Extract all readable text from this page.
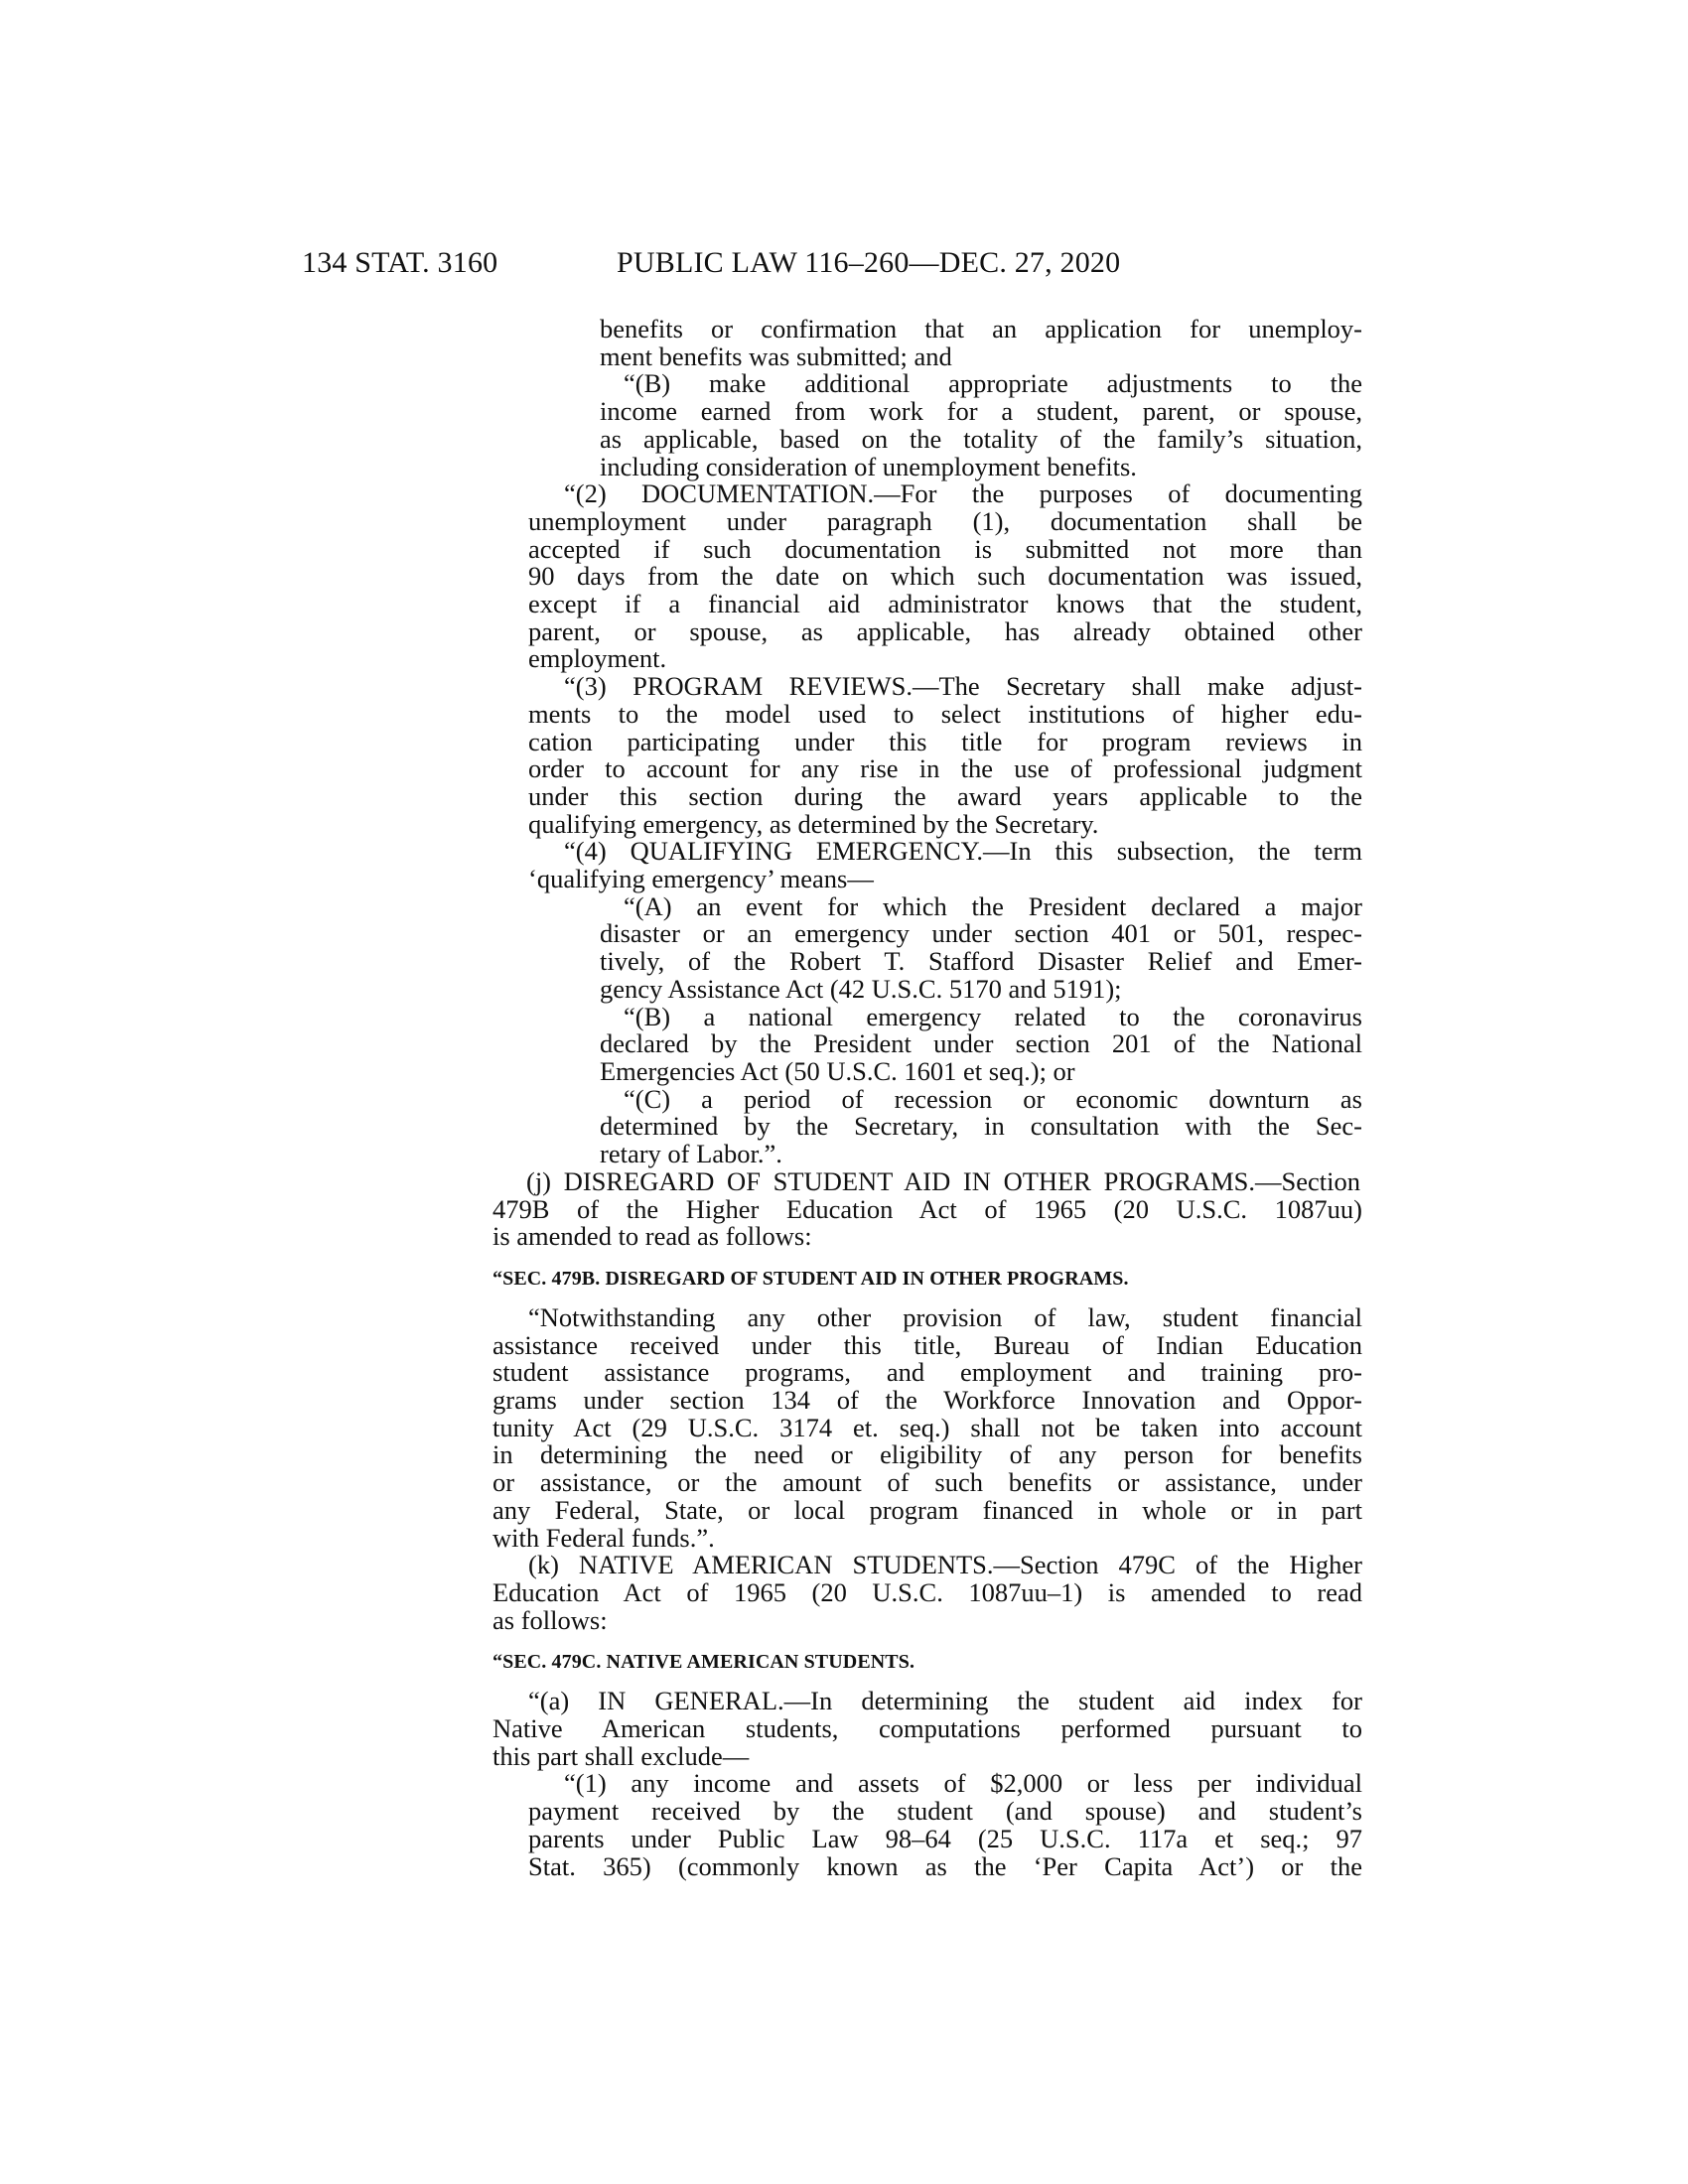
134 STAT. 3160	PUBLIC LAW 116–260—DEC. 27, 2020
benefits or confirmation that an application for unemploy-
ment benefits was submitted; and
“(B) make additional appropriate adjustments to the
income earned from work for a student, parent, or spouse,
as applicable, based on the totality of the family’s situation,
including consideration of unemployment benefits.
“(2) DOCUMENTATION.—For the purposes of documenting
unemployment under paragraph (1), documentation shall be
accepted if such documentation is submitted not more than
90 days from the date on which such documentation was issued,
except if a financial aid administrator knows that the student,
parent, or spouse, as applicable, has already obtained other
employment.
“(3) PROGRAM REVIEWS.—The Secretary shall make adjust-
ments to the model used to select institutions of higher edu-
cation participating under this title for program reviews in
order to account for any rise in the use of professional judgment
under this section during the award years applicable to the
qualifying emergency, as determined by the Secretary.
“(4) QUALIFYING EMERGENCY.—In this subsection, the term
‘qualifying emergency’ means—
“(A) an event for which the President declared a major
disaster or an emergency under section 401 or 501, respec-
tively, of the Robert T. Stafford Disaster Relief and Emer-
gency Assistance Act (42 U.S.C. 5170 and 5191);
“(B) a national emergency related to the coronavirus
declared by the President under section 201 of the National
Emergencies Act (50 U.S.C. 1601 et seq.); or
“(C) a period of recession or economic downturn as
determined by the Secretary, in consultation with the Sec-
retary of Labor.”.
(j) DISREGARD OF STUDENT AID IN OTHER PROGRAMS.—Section
479B of the Higher Education Act of 1965 (20 U.S.C. 1087uu)
is amended to read as follows:
“SEC. 479B. DISREGARD OF STUDENT AID IN OTHER PROGRAMS.
“Notwithstanding any other provision of law, student financial
assistance received under this title, Bureau of Indian Education
student assistance programs, and employment and training pro-
grams under section 134 of the Workforce Innovation and Oppor-
tunity Act (29 U.S.C. 3174 et. seq.) shall not be taken into account
in determining the need or eligibility of any person for benefits
or assistance, or the amount of such benefits or assistance, under
any Federal, State, or local program financed in whole or in part
with Federal funds.”.
(k) NATIVE AMERICAN STUDENTS.—Section 479C of the Higher
Education Act of 1965 (20 U.S.C. 1087uu–1) is amended to read
as follows:
“SEC. 479C. NATIVE AMERICAN STUDENTS.
“(a) IN GENERAL.—In determining the student aid index for
Native American students, computations performed pursuant to
this part shall exclude—
“(1) any income and assets of $2,000 or less per individual
payment received by the student (and spouse) and student’s
parents under Public Law 98–64 (25 U.S.C. 117a et seq.; 97
Stat. 365) (commonly known as the ‘Per Capita Act’) or the
